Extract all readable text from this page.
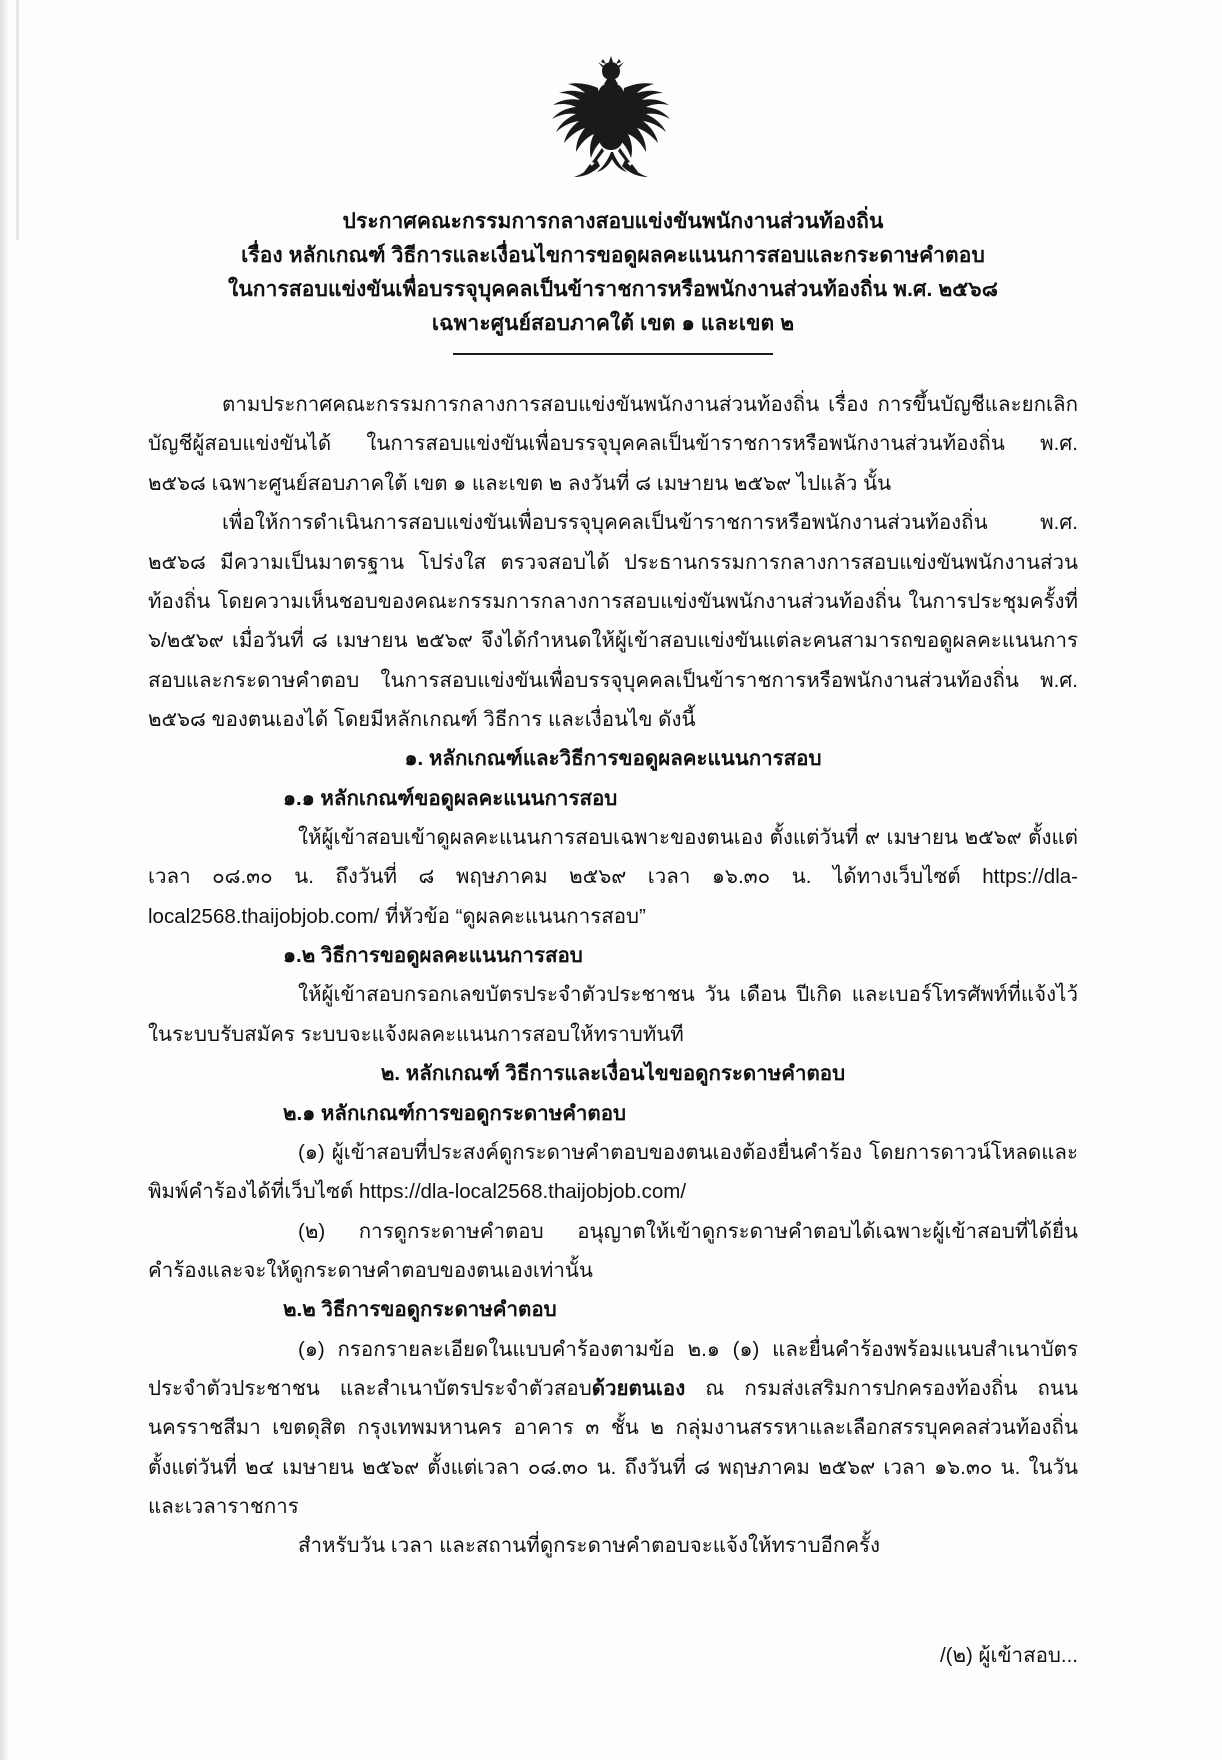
ประกาศคณะกรรมการกลางสอบแข่งขันพนักงานส่วนท้องถิ่น
เรื่อง หลักเกณฑ์ วิธีการและเงื่อนไขการขอดูผลคะแนนการสอบและกระดาษคำตอบ
ในการสอบแข่งขันเพื่อบรรจุบุคคลเป็นข้าราชการหรือพนักงานส่วนท้องถิ่น พ.ศ. ๒๕๖๘
เฉพาะศูนย์สอบภาคใต้ เขต ๑ และเขต ๒

ตามประกาศคณะกรรมการกลางการสอบแข่งขันพนักงานส่วนท้องถิ่น เรื่อง การขึ้นบัญชีและยกเลิกบัญชีผู้สอบแข่งขันได้ ในการสอบแข่งขันเพื่อบรรจุบุคคลเป็นข้าราชการหรือพนักงานส่วนท้องถิ่น พ.ศ. ๒๕๖๘ เฉพาะศูนย์สอบภาคใต้ เขต ๑ และเขต ๒ ลงวันที่ ๘ เมษายน ๒๕๖๙ ไปแล้ว นั้น

เพื่อให้การดำเนินการสอบแข่งขันเพื่อบรรจุบุคคลเป็นข้าราชการหรือพนักงานส่วนท้องถิ่น พ.ศ. ๒๕๖๘ มีความเป็นมาตรฐาน โปร่งใส ตรวจสอบได้ ประธานกรรมการกลางการสอบแข่งขันพนักงานส่วนท้องถิ่น โดยความเห็นชอบของคณะกรรมการกลางการสอบแข่งขันพนักงานส่วนท้องถิ่น ในการประชุมครั้งที่ ๖/๒๕๖๙ เมื่อวันที่ ๘ เมษายน ๒๕๖๙ จึงได้กำหนดให้ผู้เข้าสอบแข่งขันแต่ละคนสามารถขอดูผลคะแนนการสอบและกระดาษคำตอบ ในการสอบแข่งขันเพื่อบรรจุบุคคลเป็นข้าราชการหรือพนักงานส่วนท้องถิ่น พ.ศ. ๒๕๖๘ ของตนเองได้ โดยมีหลักเกณฑ์ วิธีการ และเงื่อนไข ดังนี้

๑. หลักเกณฑ์และวิธีการขอดูผลคะแนนการสอบ

๑.๑ หลักเกณฑ์ขอดูผลคะแนนการสอบ

ให้ผู้เข้าสอบเข้าดูผลคะแนนการสอบเฉพาะของตนเอง ตั้งแต่วันที่ ๙ เมษายน ๒๕๖๙ ตั้งแต่เวลา ๐๘.๓๐ น. ถึงวันที่ ๘ พฤษภาคม ๒๕๖๙ เวลา ๑๖.๓๐ น. ได้ทางเว็บไซต์ https://dla-local2568.thaijobjob.com/ ที่หัวข้อ “ดูผลคะแนนการสอบ”

๑.๒ วิธีการขอดูผลคะแนนการสอบ

ให้ผู้เข้าสอบกรอกเลขบัตรประจำตัวประชาชน วัน เดือน ปีเกิด และเบอร์โทรศัพท์ที่แจ้งไว้ในระบบรับสมัคร ระบบจะแจ้งผลคะแนนการสอบให้ทราบทันที

๒. หลักเกณฑ์ วิธีการและเงื่อนไขขอดูกระดาษคำตอบ

๒.๑ หลักเกณฑ์การขอดูกระดาษคำตอบ

(๑) ผู้เข้าสอบที่ประสงค์ดูกระดาษคำตอบของตนเองต้องยื่นคำร้อง โดยการดาวน์โหลดและพิมพ์คำร้องได้ที่เว็บไซต์ https://dla-local2568.thaijobjob.com/

(๒) การดูกระดาษคำตอบ อนุญาตให้เข้าดูกระดาษคำตอบได้เฉพาะผู้เข้าสอบที่ได้ยื่นคำร้องและจะให้ดูกระดาษคำตอบของตนเองเท่านั้น

๒.๒ วิธีการขอดูกระดาษคำตอบ

(๑) กรอกรายละเอียดในแบบคำร้องตามข้อ ๒.๑ (๑) และยื่นคำร้องพร้อมแนบสำเนาบัตรประจำตัวประชาชน และสำเนาบัตรประจำตัวสอบด้วยตนเอง ณ กรมส่งเสริมการปกครองท้องถิ่น ถนนนครราชสีมา เขตดุสิต กรุงเทพมหานคร อาคาร ๓ ชั้น ๒ กลุ่มงานสรรหาและเลือกสรรบุคคลส่วนท้องถิ่น ตั้งแต่วันที่ ๒๔ เมษายน ๒๕๖๙ ตั้งแต่เวลา ๐๘.๓๐ น. ถึงวันที่ ๘ พฤษภาคม ๒๕๖๙ เวลา ๑๖.๓๐ น. ในวันและเวลาราชการ

สำหรับวัน เวลา และสถานที่ดูกระดาษคำตอบจะแจ้งให้ทราบอีกครั้ง

/(๒) ผู้เข้าสอบ...
